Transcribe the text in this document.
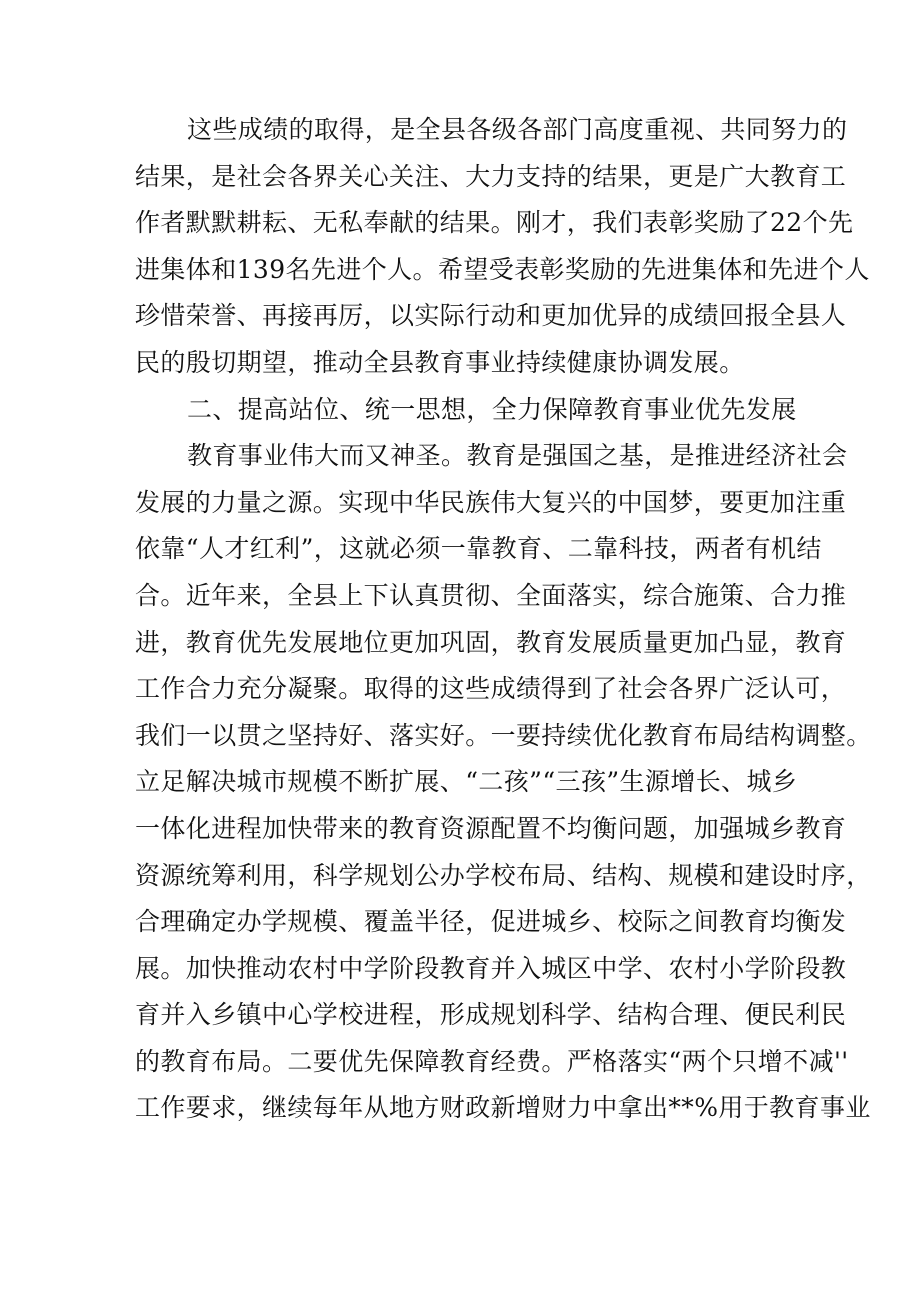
这些成绩的取得，是全县各级各部门高度重视、共同努力的
结果，是社会各界关心关注、大力支持的结果，更是广大教育工
作者默默耕耘、无私奉献的结果。刚才，我们表彰奖励了22个先
进集体和139名先进个人。希望受表彰奖励的先进集体和先进个人
珍惜荣誉、再接再厉，以实际行动和更加优异的成绩回报全县人
民的殷切期望，推动全县教育事业持续健康协调发展。
二、提高站位、统一思想，全力保障教育事业优先发展
教育事业伟大而又神圣。教育是强国之基，是推进经济社会
发展的力量之源。实现中华民族伟大复兴的中国梦，要更加注重
依靠“人才红利”，这就必须一靠教育、二靠科技，两者有机结
合。近年来，全县上下认真贯彻、全面落实，综合施策、合力推
进，教育优先发展地位更加巩固，教育发展质量更加凸显，教育
工作合力充分凝聚。取得的这些成绩得到了社会各界广泛认可，
我们一以贯之坚持好、落实好。一要持续优化教育布局结构调整。
立足解决城市规模不断扩展、“二孩”“三孩”生源增长、城乡
一体化进程加快带来的教育资源配置不均衡问题，加强城乡教育
资源统筹利用，科学规划公办学校布局、结构、规模和建设时序，
合理确定办学规模、覆盖半径，促进城乡、校际之间教育均衡发
展。加快推动农村中学阶段教育并入城区中学、农村小学阶段教
育并入乡镇中心学校进程，形成规划科学、结构合理、便民利民
的教育布局。二要优先保障教育经费。严格落实“两个只增不减''
工作要求，继续每年从地方财政新增财力中拿出**%用于教育事业
